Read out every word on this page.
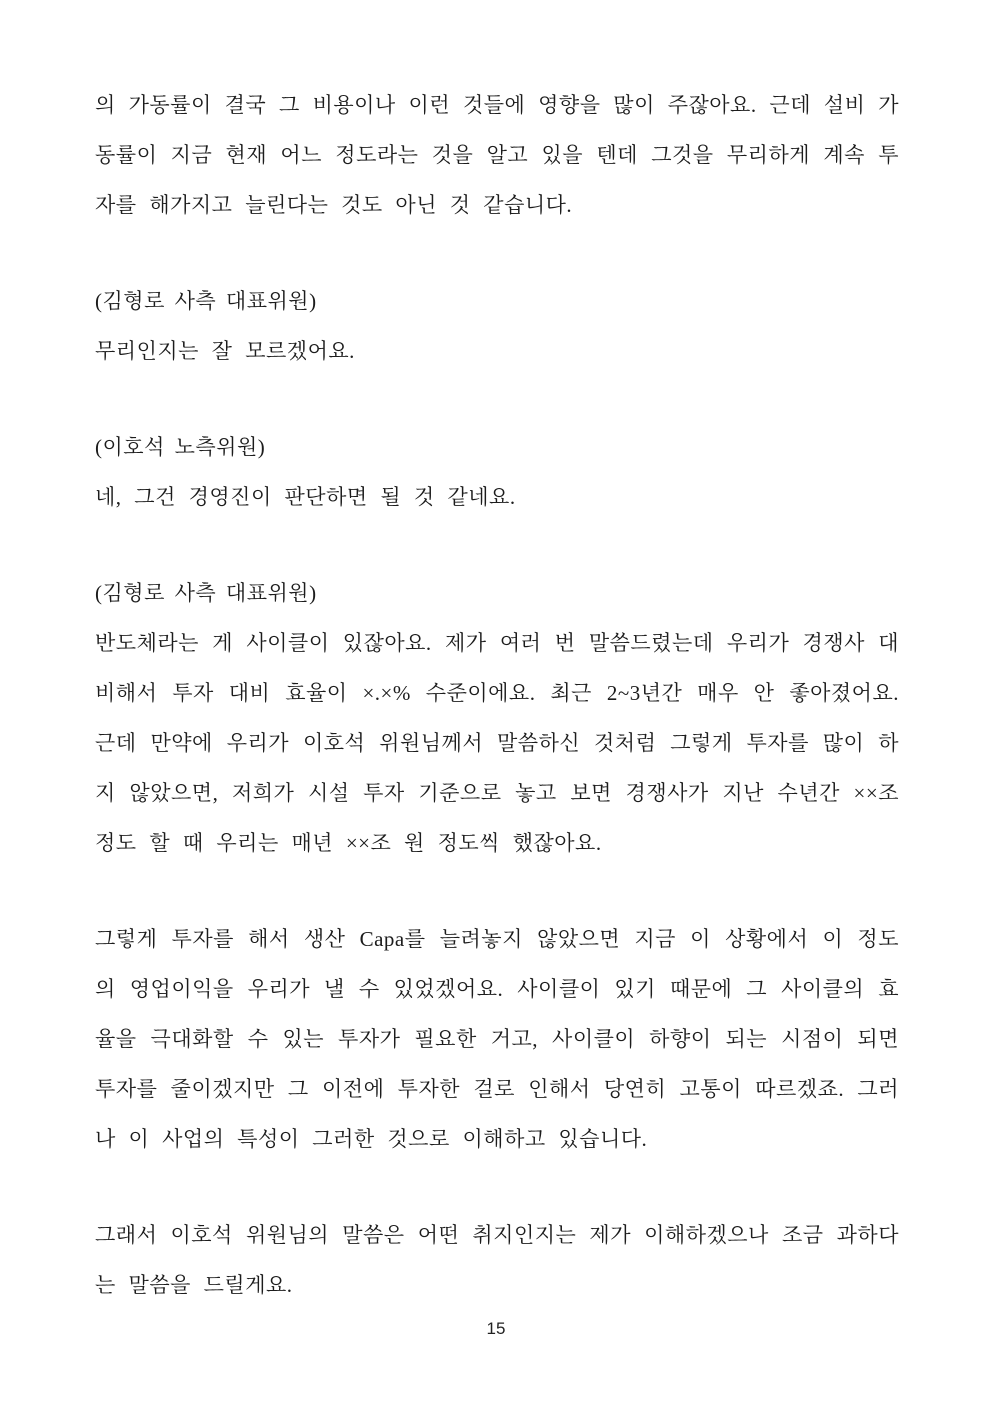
의 가동률이 결국 그 비용이나 이런 것들에 영향을 많이 주잖아요. 근데 설비 가동률이 지금 현재 어느 정도라는 것을 알고 있을 텐데 그것을 무리하게 계속 투자를 해가지고 늘린다는 것도 아닌 것 같습니다.

(김형로 사측 대표위원)

무리인지는 잘 모르겠어요.

(이호석 노측위원)

네, 그건 경영진이 판단하면 될 것 같네요.

(김형로 사측 대표위원)

반도체라는 게 사이클이 있잖아요. 제가 여러 번 말씀드렸는데 우리가 경쟁사 대비해서 투자 대비 효율이 ×.×% 수준이에요. 최근 2~3년간 매우 안 좋아졌어요. 근데 만약에 우리가 이호석 위원님께서 말씀하신 것처럼 그렇게 투자를 많이 하지 않았으면, 저희가 시설 투자 기준으로 놓고 보면 경쟁사가 지난 수년간 ××조 정도 할 때 우리는 매년 ××조 원 정도씩 했잖아요.

그렇게 투자를 해서 생산 Capa를 늘려놓지 않았으면 지금 이 상황에서 이 정도의 영업이익을 우리가 낼 수 있었겠어요. 사이클이 있기 때문에 그 사이클의 효율을 극대화할 수 있는 투자가 필요한 거고, 사이클이 하향이 되는 시점이 되면 투자를 줄이겠지만 그 이전에 투자한 걸로 인해서 당연히 고통이 따르겠죠. 그러나 이 사업의 특성이 그러한 것으로 이해하고 있습니다.

그래서 이호석 위원님의 말씀은 어떤 취지인지는 제가 이해하겠으나 조금 과하다는 말씀을 드릴게요.

15
